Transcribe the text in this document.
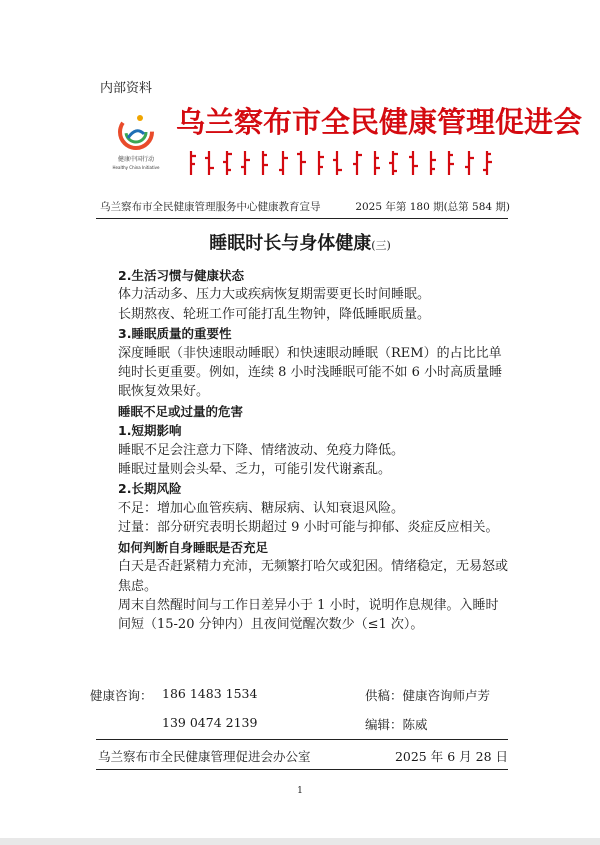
内部资料
健康中国行动
Healthy China Initiative
乌兰察布市全民健康管理促进会
乌兰察布市全民健康管理服务中心健康教育宣导	2025 年第 180 期(总第 584 期)
睡眠时长与身体健康(三)

2.生活习惯与健康状态

体力活动多、压力大或疾病恢复期需要更长时间睡眠。

长期熬夜、轮班工作可能打乱生物钟，降低睡眠质量。

3.睡眠质量的重要性

深度睡眠（非快速眼动睡眠）和快速眼动睡眠（REM）的占比比单纯时长更重要。例如，连续 8 小时浅睡眠可能不如 6 小时高质量睡眠恢复效果好。

睡眠不足或过量的危害

1.短期影响

睡眠不足会注意力下降、情绪波动、免疫力降低。

睡眠过量则会头晕、乏力，可能引发代谢紊乱。

2.长期风险

不足：增加心血管疾病、糖尿病、认知衰退风险。

过量：部分研究表明长期超过 9 小时可能与抑郁、炎症反应相关。

如何判断自身睡眠是否充足

白天是否赶紧精力充沛，无频繁打哈欠或犯困。情绪稳定，无易怒或焦虑。

周末自然醒时间与工作日差异小于 1 小时，说明作息规律。入睡时间短（15-20 分钟内）且夜间觉醒次数少（≤1 次）。

健康咨询： 186 1483 1534
139 0474 2139
供稿：健康咨询师卢芳
编辑：陈威
乌兰察布市全民健康管理促进会办公室	2025 年 6 月 28 日
1
